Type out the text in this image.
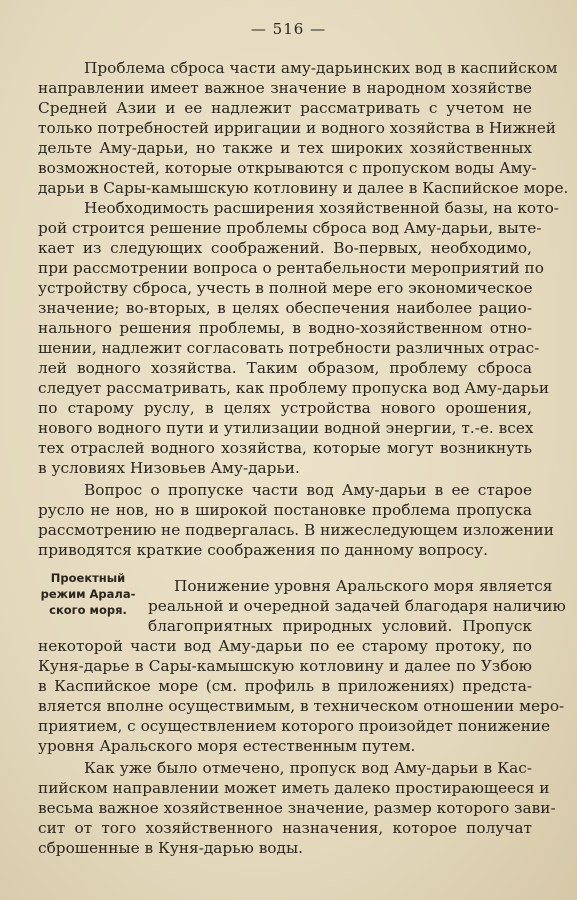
— 516 —
Проектный
режим Арала-
ского моря.
Проблема сброса части аму-дарьинских вод в каспийском
направлении имеет важное значение в народном хозяйстве
Средней Азии и ее надлежит рассматривать с учетом не
только потребностей ирригации и водного хозяйства в Нижней
дельте Аму-дарьи, но также и тех широких хозяйственных
возможностей, которые открываются с пропуском воды Аму-
дарьи в Сары-камышскую котловину и далее в Каспийское море.
Необходимость расширения хозяйственной базы, на кото-
рой строится решение проблемы сброса вод Аму-дарьи, выте-
кает из следующих соображений. Во-первых, необходимо,
при рассмотрении вопроса о рентабельности мероприятий по
устройству сброса, учесть в полной мере его экономическое
значение; во-вторых, в целях обеспечения наиболее рацио-
нального решения проблемы, в водно-хозяйственном отно-
шении, надлежит согласовать потребности различных отрас-
лей водного хозяйства. Таким образом, проблему сброса
следует рассматривать, как проблему пропуска вод Аму-дарьи
по старому руслу, в целях устройства нового орошения,
нового водного пути и утилизации водной энергии, т.-е. всех
тех отраслей водного хозяйства, которые могут возникнуть
в условиях Низовьев Аму-дарьи.
Вопрос о пропуске части вод Аму-дарьи в ее старое
русло не нов, но в широкой постановке проблема пропуска
рассмотрению не подвергалась. В нижеследующем изложении
приводятся краткие соображения по данному вопросу.
Понижение уровня Аральского моря является
реальной и очередной задачей благодаря наличию
благоприятных природных условий. Пропуск
некоторой части вод Аму-дарьи по ее старому протоку, по
Куня-дарье в Сары-камышскую котловину и далее по Узбою
в Каспийское море (см. профиль в приложениях) предста-
вляется вполне осуществимым, в техническом отношении меро-
приятием, с осуществлением которого произойдет понижение
уровня Аральского моря естественным путем.
Как уже было отмечено, пропуск вод Аму-дарьи в Кас-
пийском направлении может иметь далеко простирающееся и
весьма важное хозяйственное значение, размер которого зави-
сит от того хозяйственного назначения, которое получат
сброшенные в Куня-дарью воды.
